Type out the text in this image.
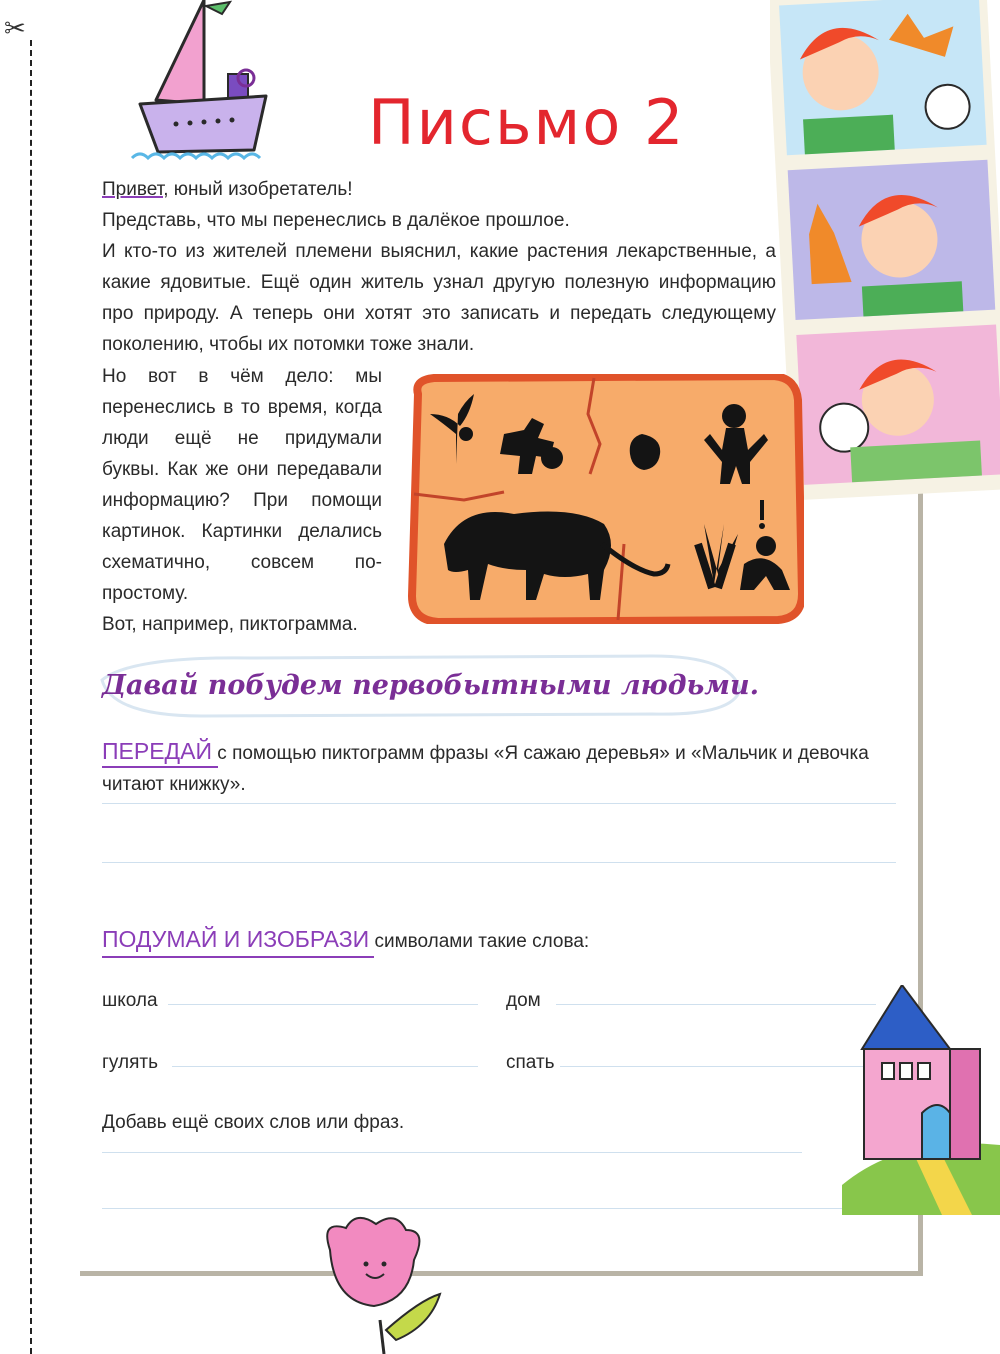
✂
Письмо 2

Привет, юный изобретатель!

Представь, что мы перенеслись в далёкое прошлое.

И кто-то из жителей племени выяснил, какие растения лекарственные, а какие ядовитые. Ещё один житель узнал другую полезную информацию про природу. А теперь они хотят это записать и передать следующему поколению, чтобы их потомки тоже знали.

Но вот в чём дело: мы перенеслись в то время, когда люди ещё не придумали буквы. Как же они передавали информацию? При помощи картинок. Картинки делались схематично, совсем по-простому.

Вот, например, пиктограмма.

Давай побудем первобытными людьми.
ПЕРЕДАЙ с помощью пиктограмм фразы «Я сажаю деревья» и «Мальчик и девочка читают книжку».
ПОДУМАЙ И ИЗОБРАЗИ символами такие слова:
школа	дом
гулять	спать
Добавь ещё своих слов или фраз.
